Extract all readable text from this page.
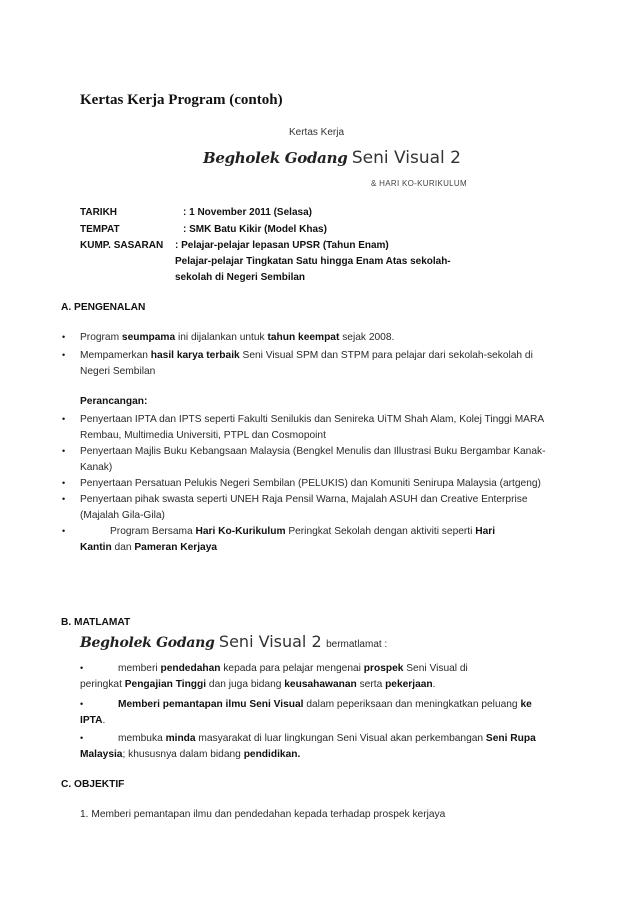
Kertas Kerja Program (contoh)
Kertas Kerja
Begholek Godang Seni Visual 2
& HARI KO-KURIKULUM
TARIKH	: 1 November 2011 (Selasa)
TEMPAT	: SMK Batu Kikir (Model Khas)
KUMP. SASARAN : Pelajar-pelajar lepasan UPSR (Tahun Enam)
Pelajar-pelajar Tingkatan Satu hingga Enam Atas sekolah-
sekolah di Negeri Sembilan
A. PENGENALAN
• Program seumpama ini dijalankan untuk tahun keempat sejak 2008.
• Mempamerkan hasil karya terbaik Seni Visual SPM dan STPM para pelajar dari sekolah-sekolah di
Negeri Sembilan
Perancangan:
• Penyertaan IPTA dan IPTS seperti Fakulti Senilukis dan Senireka UiTM Shah Alam, Kolej Tinggi MARA
Rembau, Multimedia Universiti, PTPL dan Cosmopoint
• Penyertaan Majlis Buku Kebangsaan Malaysia (Bengkel Menulis dan Illustrasi Buku Bergambar Kanak-
Kanak)
• Penyertaan Persatuan Pelukis Negeri Sembilan (PELUKIS) dan Komuniti Senirupa Malaysia (artgeng)
• Penyertaan pihak swasta seperti UNEH Raja Pensil Warna, Majalah ASUH dan Creative Enterprise
(Majalah Gila-Gila)
•	Program Bersama Hari Ko-Kurikulum Peringkat Sekolah dengan aktiviti seperti Hari
Kantin dan Pameran Kerjaya
B. MATLAMAT
Begholek Godang Seni Visual 2 bermatlamat :
•	memberi pendedahan kepada para pelajar mengenai prospek Seni Visual di
peringkat Pengajian Tinggi dan juga bidang keusahawanan serta pekerjaan.
•	Memberi pemantapan ilmu Seni Visual dalam peperiksaan dan meningkatkan peluang ke
IPTA.
•	membuka minda masyarakat di luar lingkungan Seni Visual akan perkembangan Seni Rupa
Malaysia; khususnya dalam bidang pendidikan.
C. OBJEKTIF
1. Memberi pemantapan ilmu dan pendedahan kepada terhadap prospek kerjaya
